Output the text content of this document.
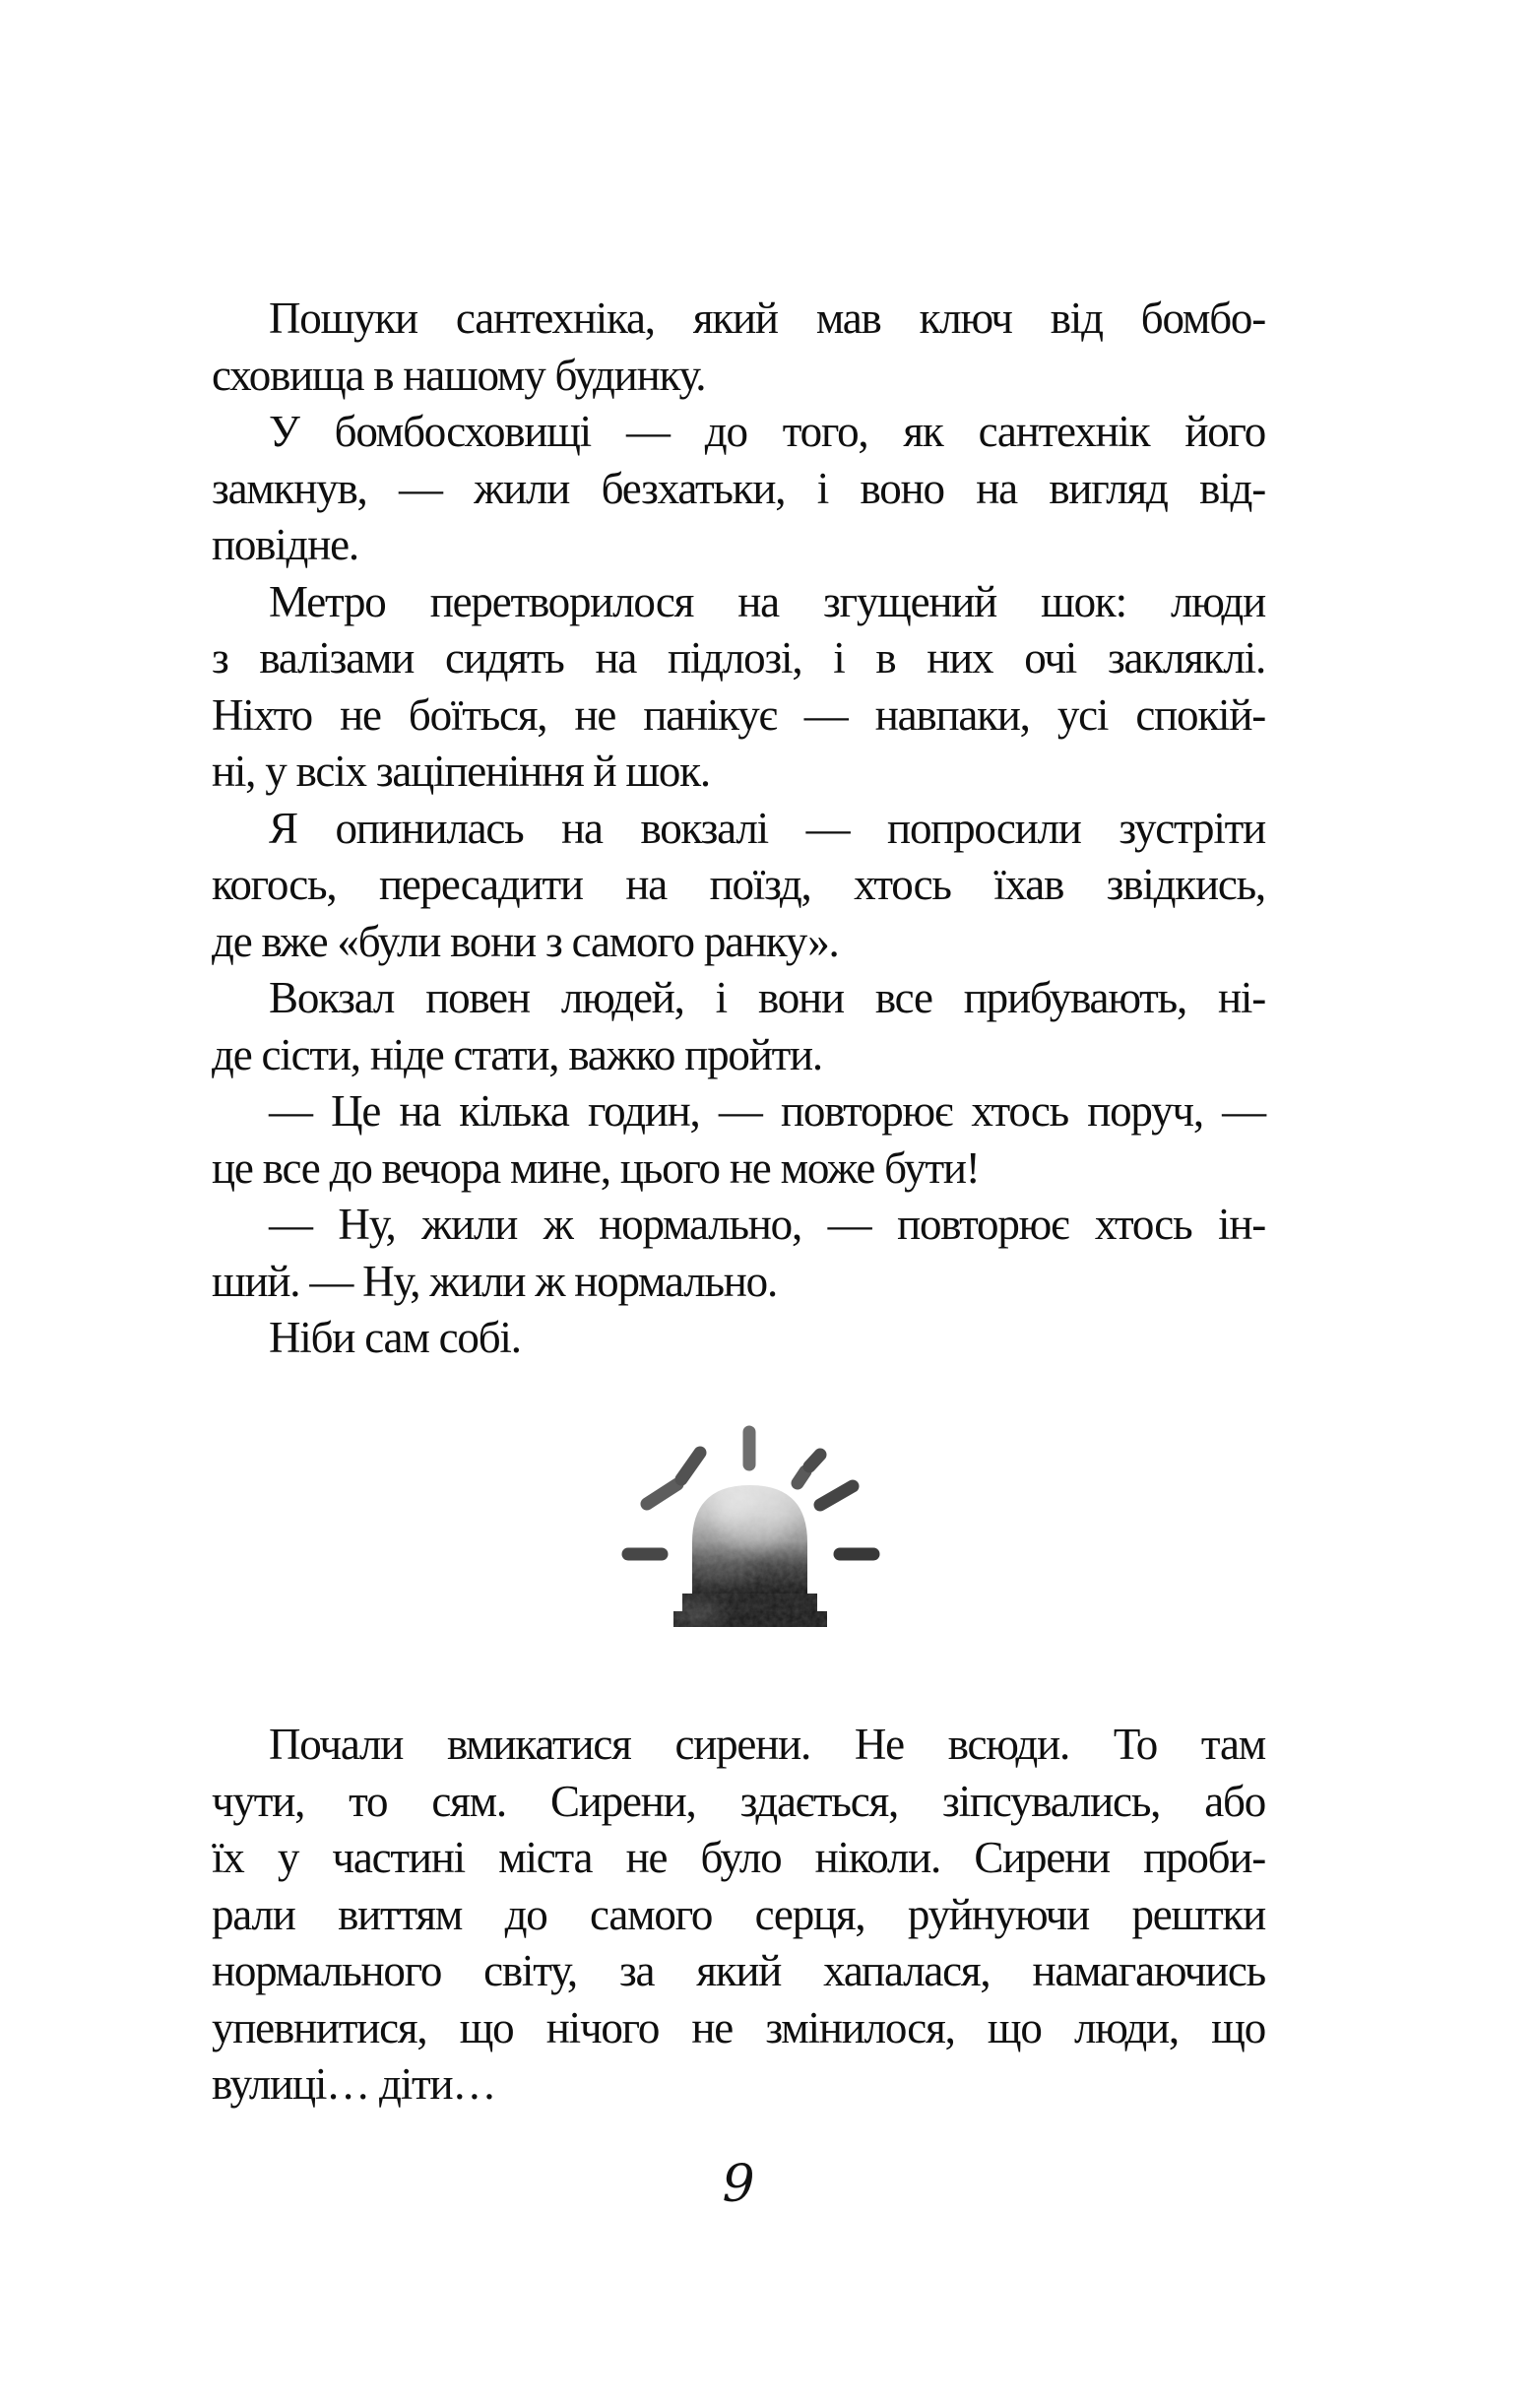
Пошуки сантехніка, який мав ключ від бомбо-
сховища в нашому будинку.
У бомбосховищі — до того, як сантехнік його
замкнув, — жили безхатьки, і воно на вигляд від-
повідне.
Метро перетворилося на згущений шок: люди
з валізами сидять на підлозі, і в них очі закляклі.
Ніхто не боїться, не панікує — навпаки, усі спокій-
ні, у всіх заціпеніння й шок.
Я опинилась на вокзалі — попросили зустріти
когось, пересадити на поїзд, хтось їхав звідкись,
де вже «були вони з самого ранку».
Вокзал повен людей, і вони все прибувають, ні-
де сісти, ніде стати, важко пройти.
— Це на кілька годин, — повторює хтось поруч, —
це все до вечора мине, цього не може бути!
— Ну, жили ж нормально, — повторює хтось ін-
ший. — Ну, жили ж нормально.
Ніби сам собі.
Почали вмикатися сирени. Не всюди. То там
чути, то сям. Сирени, здається, зіпсувались, або
їх у частині міста не було ніколи. Сирени проби-
рали виттям до самого серця, руйнуючи рештки
нормального світу, за який хапалася, намагаючись
упевнитися, що нічого не змінилося, що люди, що
вулиці… діти…
9
